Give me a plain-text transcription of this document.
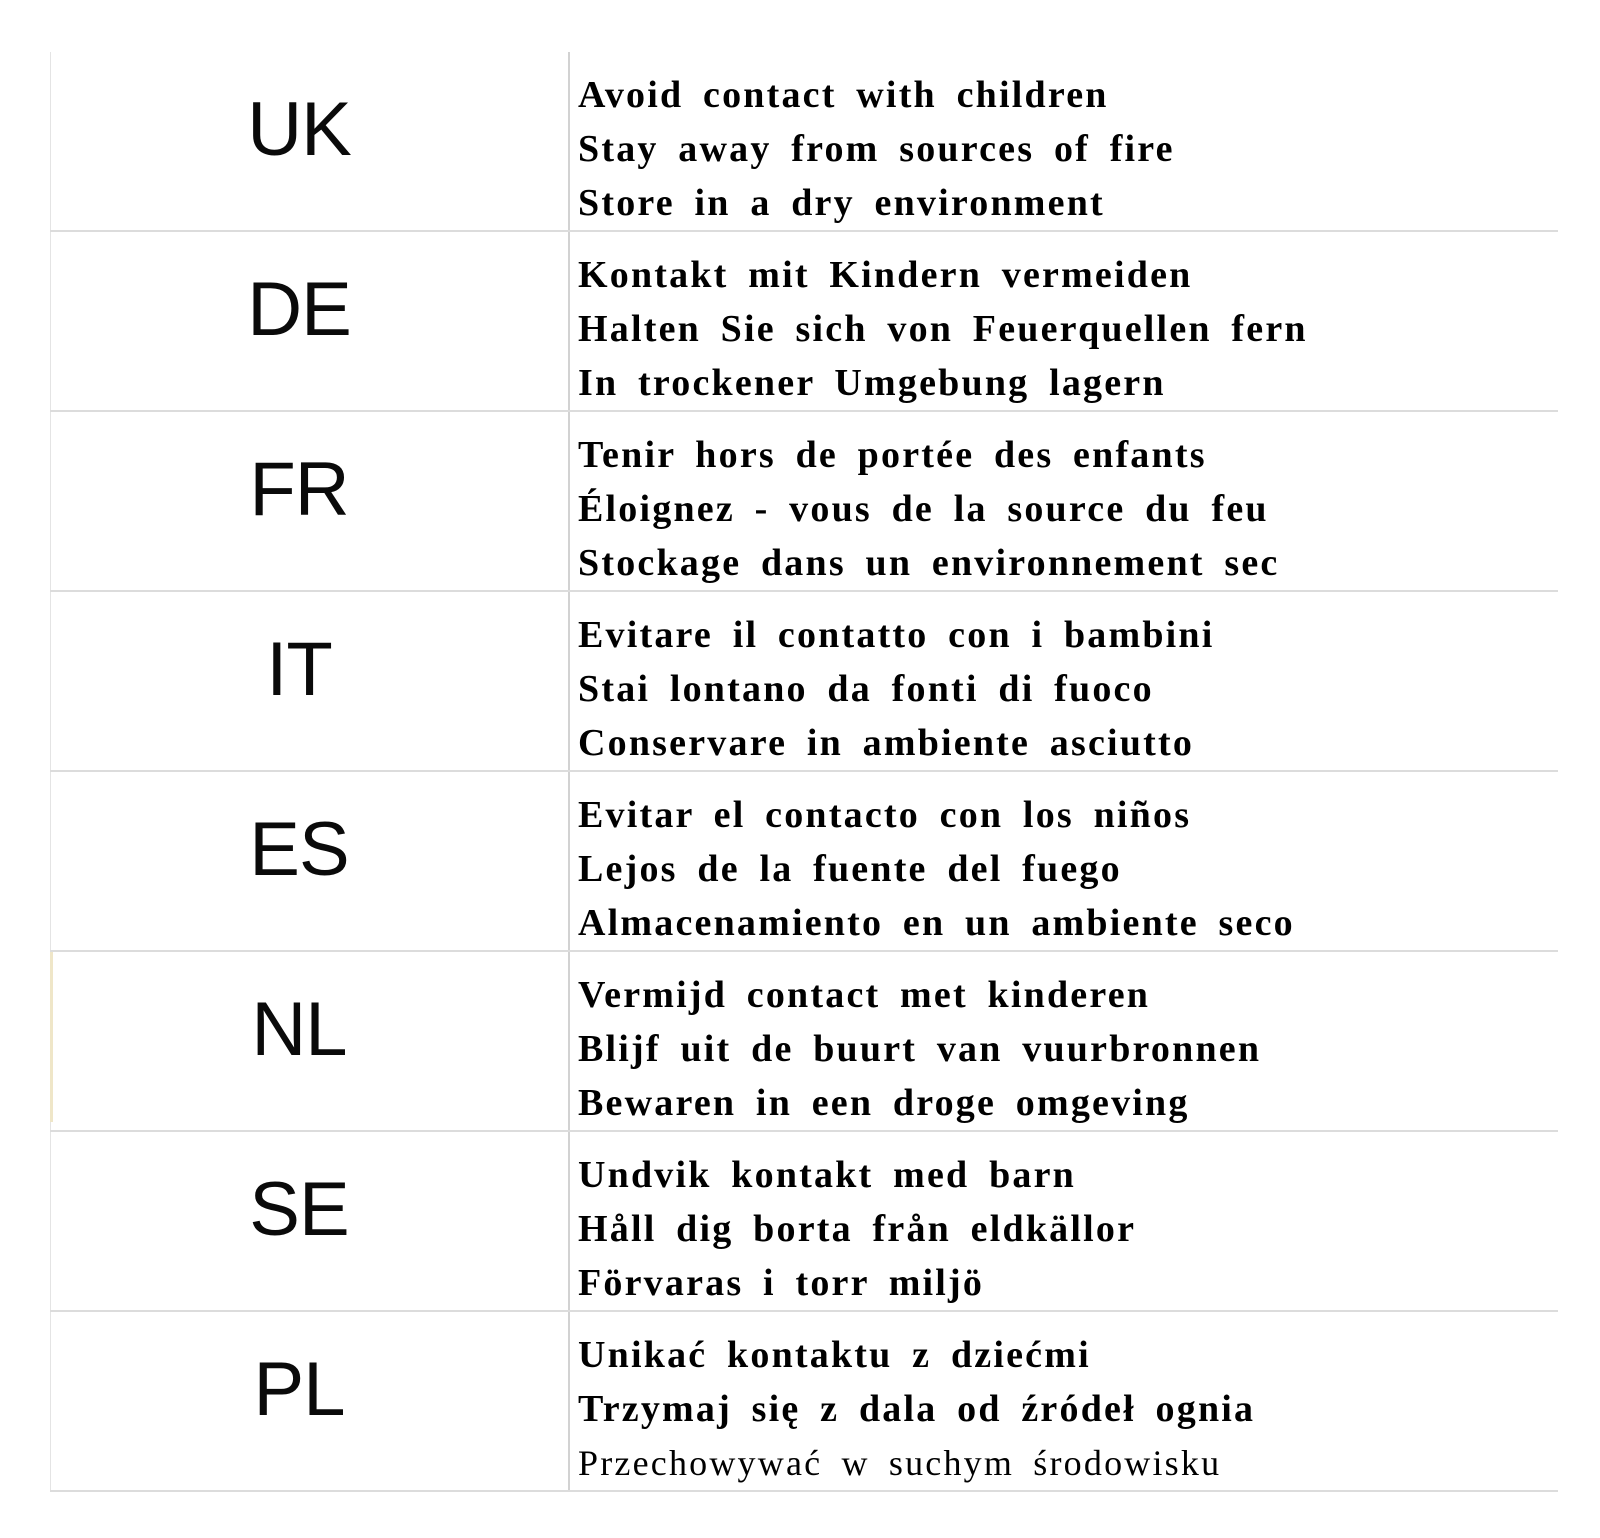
UK	Avoid contact with children
Stay away from sources of fire
Store in a dry environment
DE	Kontakt mit Kindern vermeiden
Halten Sie sich von Feuerquellen fern
In trockener Umgebung lagern
FR	Tenir hors de portée des enfants
Éloignez - vous de la source du feu
Stockage dans un environnement sec
IT	Evitare il contatto con i bambini
Stai lontano da fonti di fuoco
Conservare in ambiente asciutto
ES	Evitar el contacto con los niños
Lejos de la fuente del fuego
Almacenamiento en un ambiente seco
NL	Vermijd contact met kinderen
Blijf uit de buurt van vuurbronnen
Bewaren in een droge omgeving
SE	Undvik kontakt med barn
Håll dig borta från eldkällor
Förvaras i torr miljö
PL	Unikać kontaktu z dziećmi
Trzymaj się z dala od źródeł ognia
Przechowywać w suchym środowisku
